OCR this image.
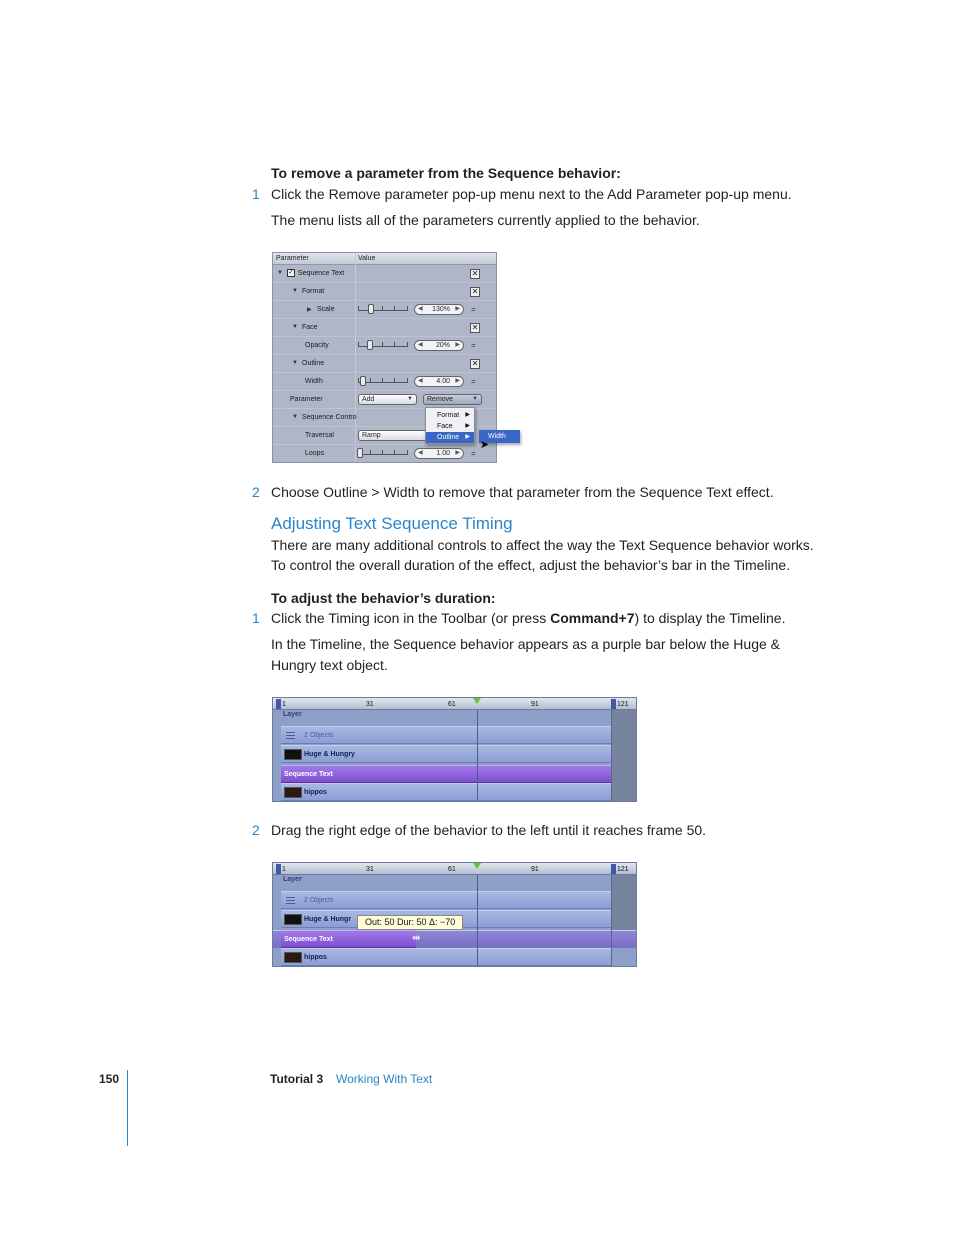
To remove a parameter from the Sequence behavior:
1 Click the Remove parameter pop-up menu next to the Add Parameter pop-up menu.
The menu lists all of the parameters currently applied to the behavior.
Parameter	Value
▼ ✓ Sequence Text	✕
▼ Format	✕
▶ Scale	◀ 130% ▶ =
▼ Face	✕
Opacity	◀ 20% ▶ =
▼ Outline	✕
Width	◀ 4.00 ▶ =
Parameter	Add	▼	Remove	▼
▼ Sequence Contro
Traversal	Ramp
Loops	◀ 1.00 ▶ =
Format ▶
Face ▶
Outline ▶	Width
➤
2 Choose Outline > Width to remove that parameter from the Sequence Text effect.
Adjusting Text Sequence Timing
There are many additional controls to affect the way the Text Sequence behavior works.
To control the overall duration of the effect, adjust the behavior’s bar in the Timeline.
To adjust the behavior’s duration:
1 Click the Timing icon in the Toolbar (or press Command+7) to display the Timeline.
In the Timeline, the Sequence behavior appears as a purple bar below the Huge &
Hungry text object.
1	31	61	91	121
Layer
2 Objects
Huge & Hungry
Sequence Text
hippos
2 Drag the right edge of the behavior to the left until it reaches frame 50.
1	31	61	91	121
Layer
2 Objects
Huge & Hungr
Sequence Text
hippos
Out: 50 Dur: 50 Δ: −70
⇹
150	Tutorial 3 Working With Text
